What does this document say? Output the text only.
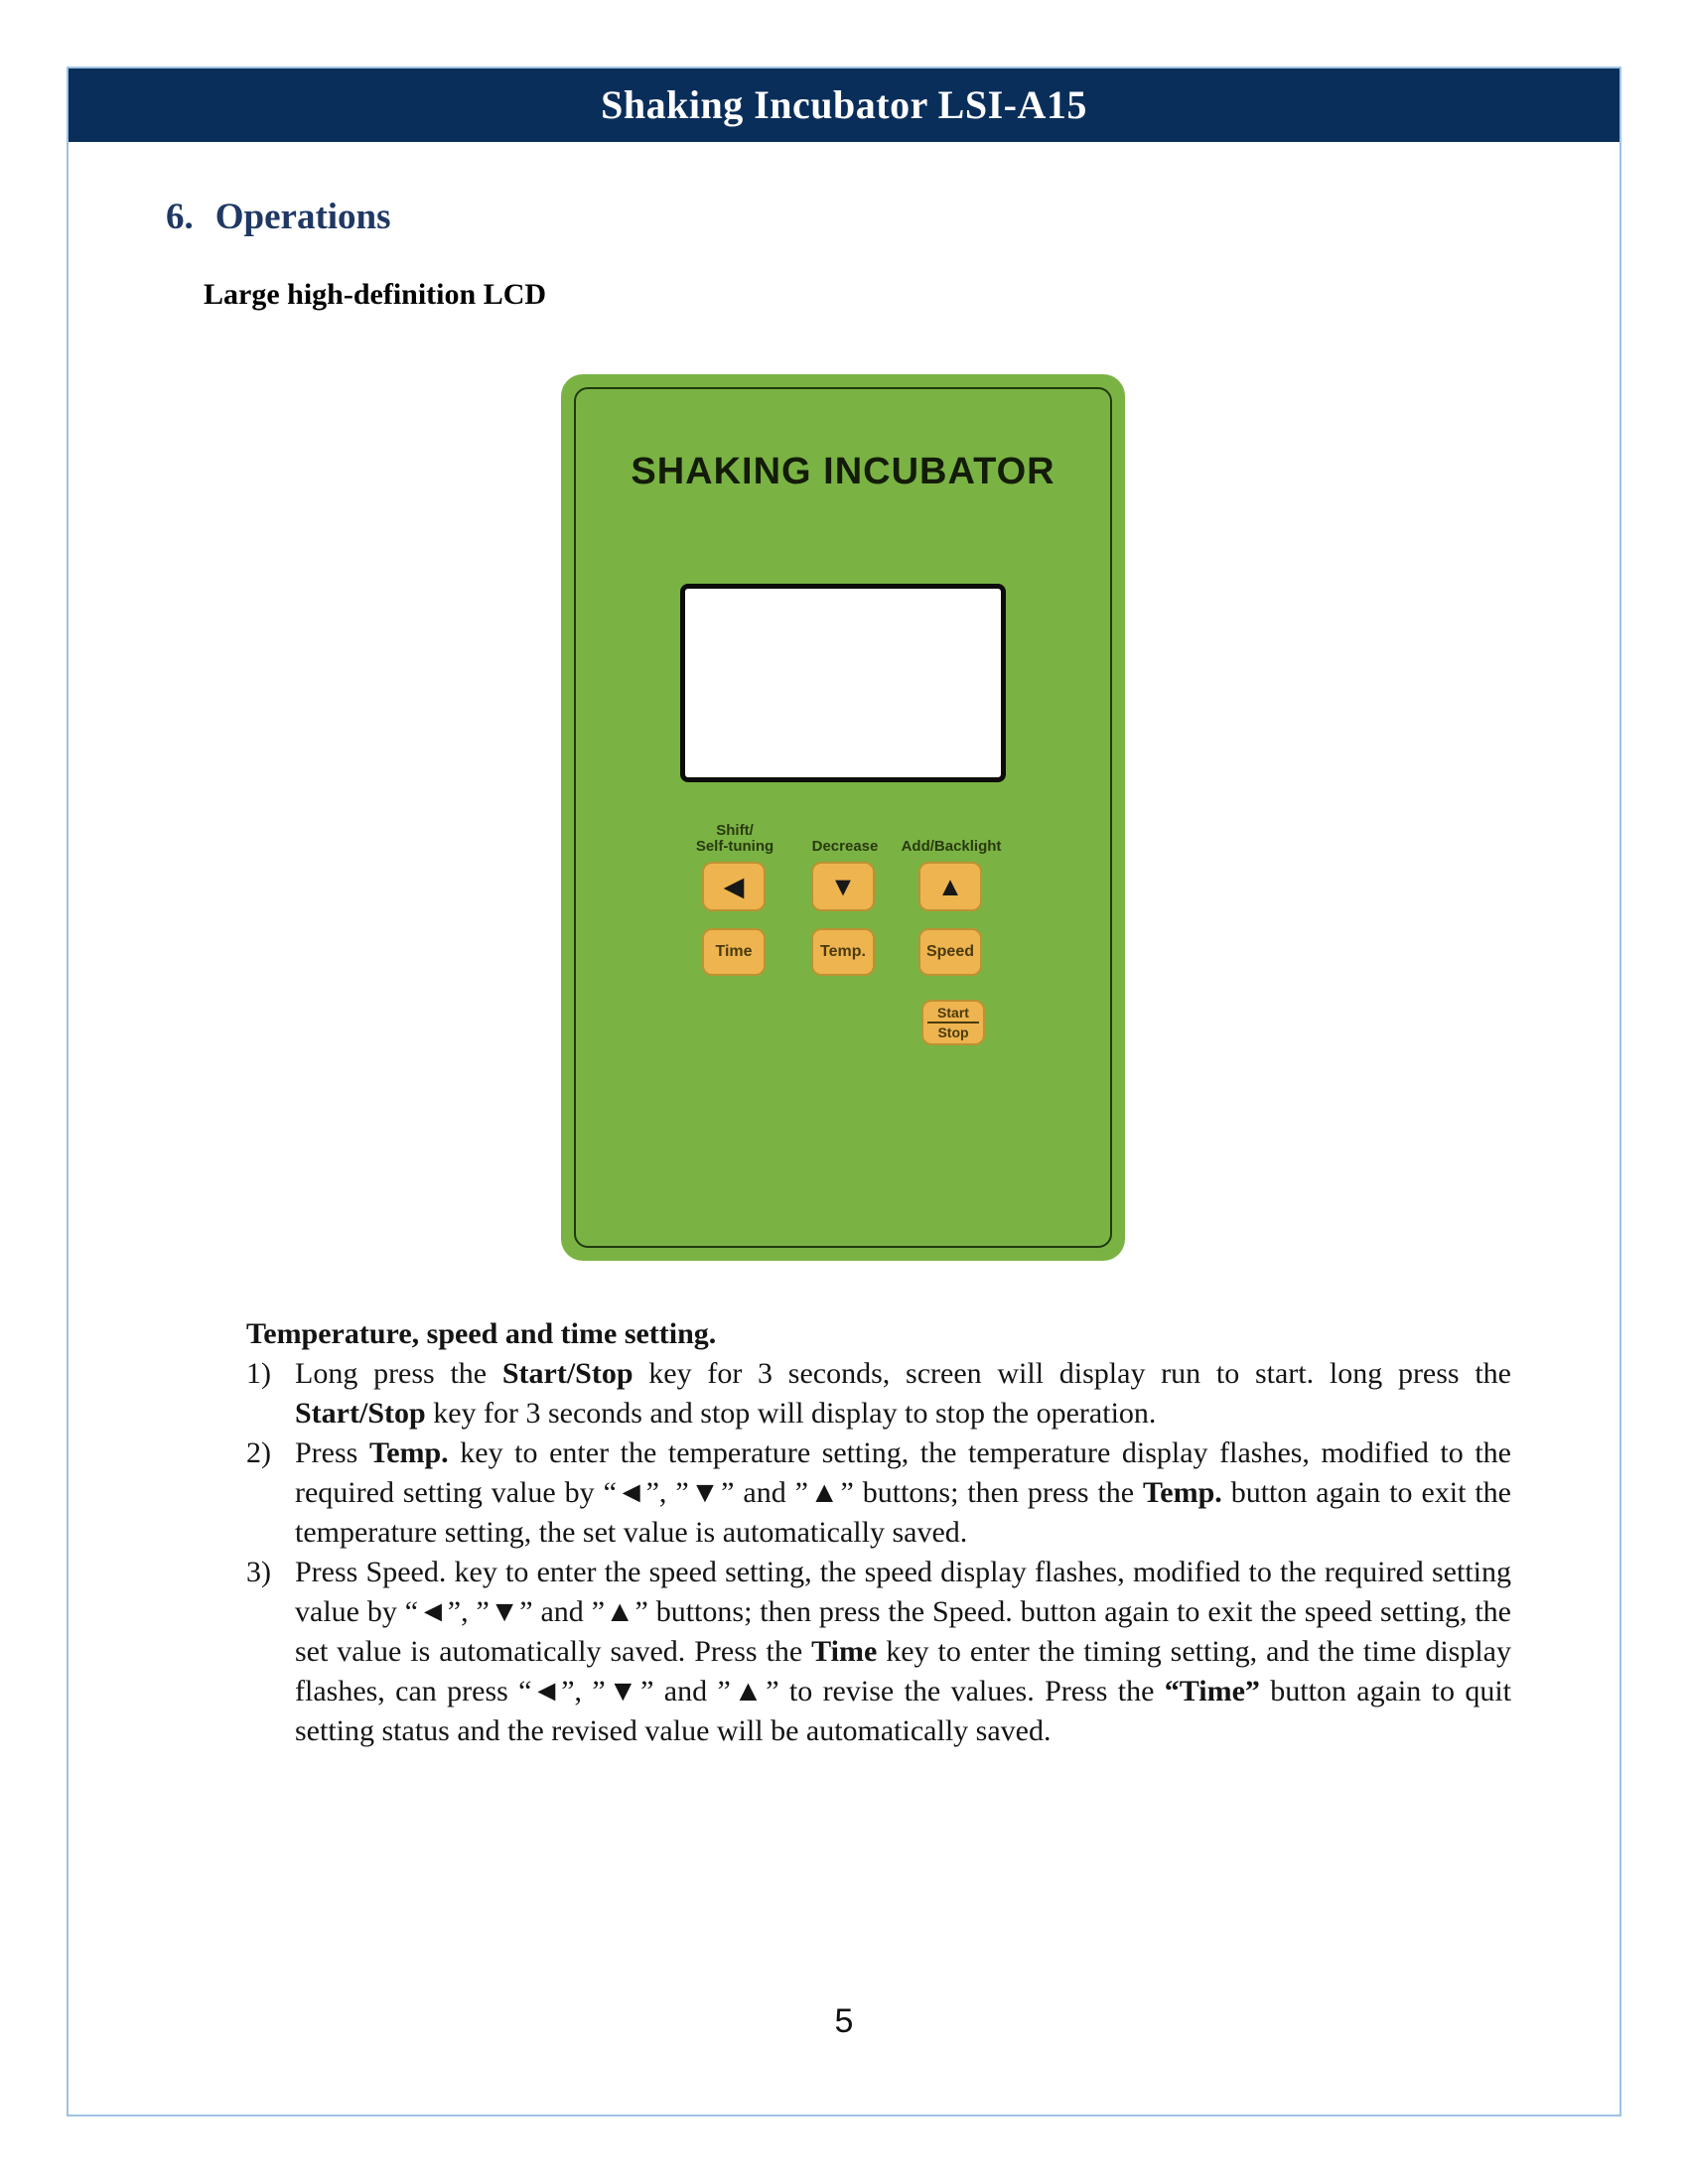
Shaking Incubator LSI-A15
6. Operations
Large high-definition LCD
SHAKING INCUBATOR
Shift/
Self-tuning	Decrease Add/Backlight
◀	▼	▲
Time	Temp.	Speed
Start
Stop
Temperature, speed and time setting.
1) Long press the Start/Stop key for 3 seconds, screen will display run to start. long press the Start/Stop key for 3 seconds and stop will display to stop the operation.
2) Press Temp. key to enter the temperature setting, the temperature display flashes, modified to the required setting value by “◄”, ”▼” and ”▲” buttons; then press the Temp. button again to exit the temperature setting, the set value is automatically saved.
3) Press Speed. key to enter the speed setting, the speed display flashes, modified to the required setting value by “◄”, ”▼” and ”▲” buttons; then press the Speed. button again to exit the speed setting, the set value is automatically saved. Press the Time key to enter the timing setting, and the time display flashes, can press “◄”, ”▼” and ”▲” to revise the values. Press the “Time” button again to quit setting status and the revised value will be automatically saved.
5
